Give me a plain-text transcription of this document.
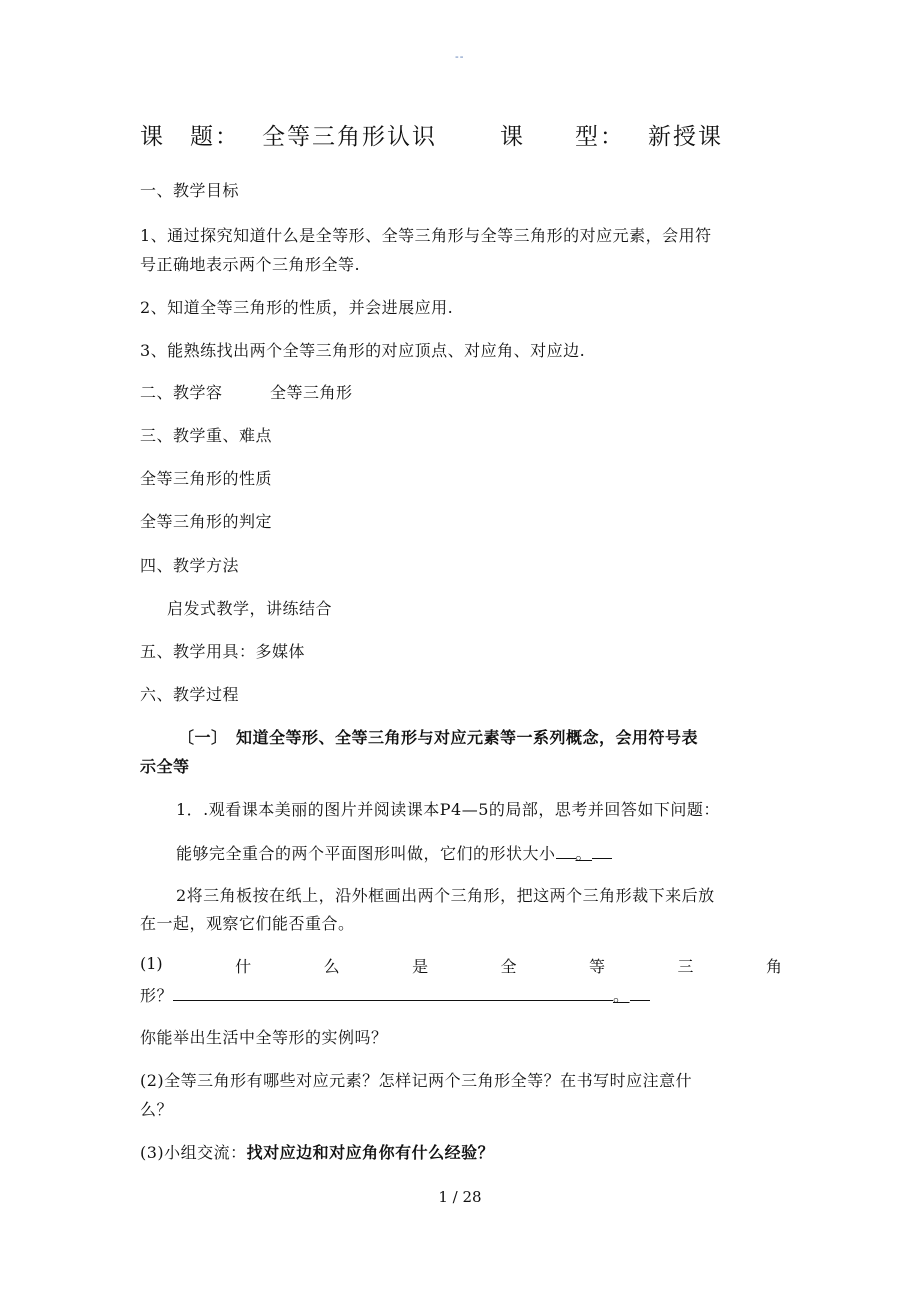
--
课　题： 全等三角形认识	课　　型： 新授课
一、教学目标
1、通过探究知道什么是全等形、全等三角形与全等三角形的对应元素，会用符
号正确地表示两个三角形全等.
2、知道全等三角形的性质，并会进展应用.
3、能熟练找出两个全等三角形的对应顶点、对应角、对应边.
二、教学容	全等三角形
三、教学重、难点
全等三角形的性质
全等三角形的判定
四、教学方法
启发式教学，讲练结合
五、教学用具：多媒体
六、教学过程
〔一〕　知道全等形、全等三角形与对应元素等一系列概念，会用符号表
示全等
1．.观看课本美丽的图片并阅读课本P4—5的局部，思考并回答如下问题：
能够完全重合的两个平面图形叫做，它们的形状大小 。
2将三角板按在纸上，沿外框画出两个三角形，把这两个三角形裁下来后放
在一起，观察它们能否重合。
(1)	什	么	是	全	等	三	角
形？	。
你能举出生活中全等形的实例吗？
(2)全等三角形有哪些对应元素？怎样记两个三角形全等？在书写时应注意什
么？
(3)小组交流：找对应边和对应角你有什么经验？
1 / 28
